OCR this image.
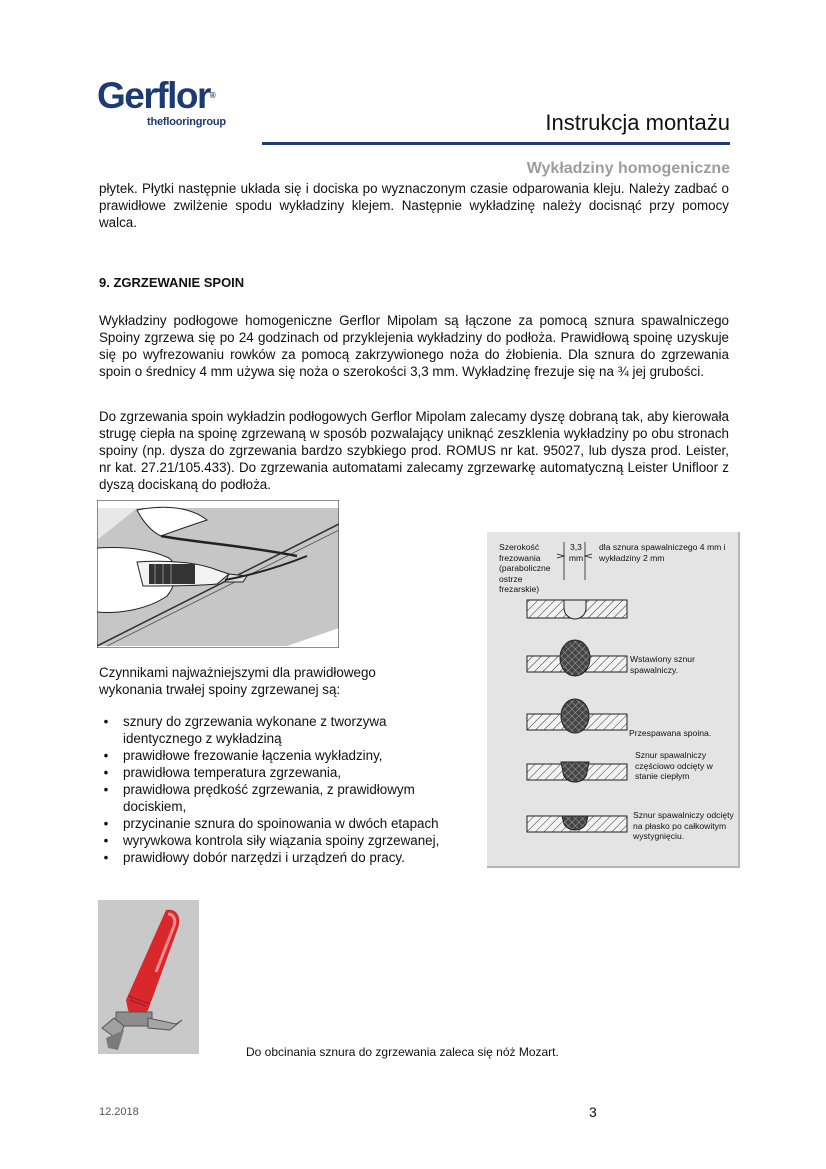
Gerflor®
theflooringroup	Instrukcja montażu
Wykładziny homogeniczne

płytek. Płytki następnie układa się i dociska po wyznaczonym czasie odparowania kleju. Należy zadbać o prawidłowe zwilżenie spodu wykładziny klejem. Następnie wykładzinę należy docisnąć przy pomocy walca.

9. ZGRZEWANIE SPOIN

Wykładziny podłogowe homogeniczne Gerflor Mipolam są łączone za pomocą sznura spawalniczego Spoiny zgrzewa się po 24 godzinach od przyklejenia wykładziny do podłoża. Prawidłową spoinę uzyskuje się po wyfrezowaniu rowków za pomocą zakrzywionego noża do żłobienia. Dla sznura do zgrzewania spoin o średnicy 4 mm używa się noża o szerokości 3,3 mm. Wykładzinę frezuje się na ¾ jej grubości.

Do zgrzewania spoin wykładzin podłogowych Gerflor Mipolam zalecamy dyszę dobraną tak, aby kierowała strugę ciepła na spoinę zgrzewaną w sposób pozwalający uniknąć zeszklenia wykładziny po obu stronach spoiny (np. dysza do zgrzewania bardzo szybkiego prod. ROMUS nr kat. 95027, lub dysza prod. Leister, nr kat. 27.21/105.433). Do zgrzewania automatami zalecamy zgrzewarkę automatyczną Leister Unifloor z dyszą dociskaną do podłoża.

Czynnikami najważniejszymi dla prawidłowego wykonania trwałej spoiny zgrzewanej są:
•	sznury do zgrzewania wykonane z tworzywa identycznego z wykładziną
•	prawidłowe frezowanie łączenia wykładziny,
•	prawidłowa temperatura zgrzewania,
•	prawidłowa prędkość zgrzewania, z prawidłowym dociskiem,
•	przycinanie sznura do spoinowania w dwóch etapach
•	wyrywkowa kontrola siły wiązania spoiny zgrzewanej,
•	prawidłowy dobór narzędzi i urządzeń do pracy.
Szerokość frezowania (paraboliczne ostrze frezarskie)
3,3 mm
dla sznura spawalniczego 4 mm i wykładziny 2 mm
Wstawiony sznur spawalniczy.
Przespawana spoina.
Sznur spawalniczy częściowo odcięty w stanie ciepłym
Sznur spawalniczy odcięty na płasko po całkowitym wystygnięciu.
Do obcinania sznura do zgrzewania zaleca się nóż Mozart.
12.2018	3
